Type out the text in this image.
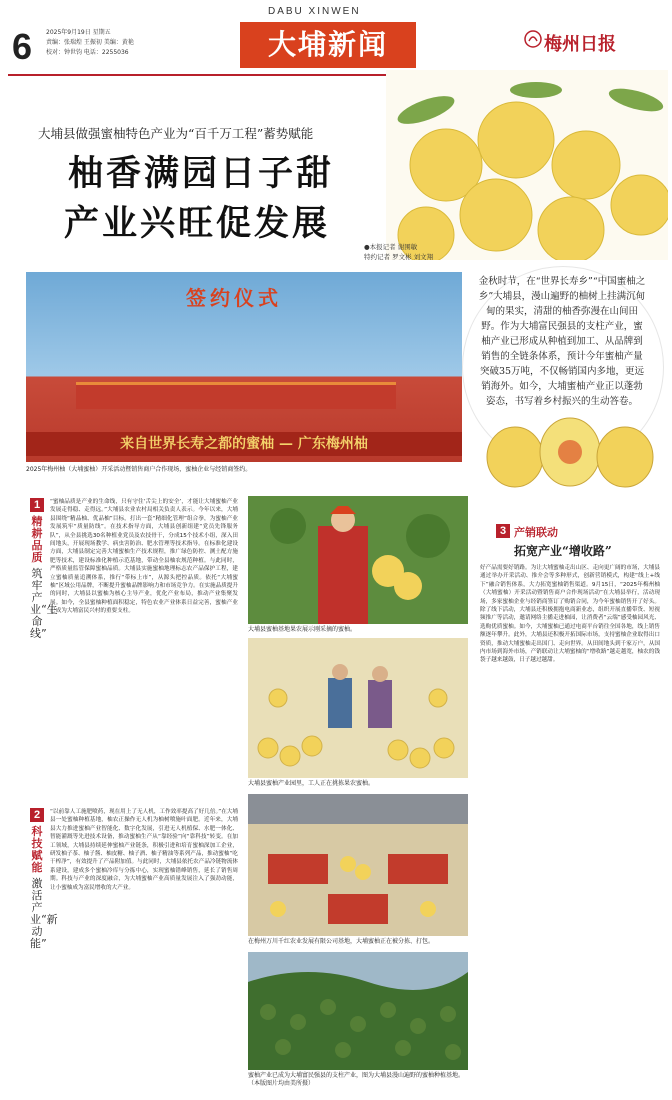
6 2025年9月19日 星期五
责编：张瑞煌 王振初 美编：黄艳
校对：钟世钧 电话：2255036
DABU XINWEN
大埔新闻	梅州日报
大埔县做强蜜柚特色产业为“百千万工程”蓄势赋能
柚香满园日子甜
产业兴旺促发展
●本报记者 谢围敏
特约记者 罗文彬 刘文翔
签约仪式
来自世界长寿之都的蜜柚 — 广东梅州柚
2025年梅州柚（大埔蜜柚）开采活动暨销售商户合作现场，蜜柚企业与经销商签约。
金秋时节，在“世界长寿乡”“中国蜜柚之乡”大埔县，漫山遍野的柚树上挂满沉甸甸的果实，清甜的柚香弥漫在山间田野。作为大埔富民强县的支柱产业，蜜柚产业已形成从种植到加工、从品牌到销售的全链条体系，预计今年蜜柚产量突破35万吨，不仅畅销国内多地，更远销海外。如今，大埔蜜柚产业正以蓬勃姿态，书写着乡村振兴的生动答卷。
1
精耕品质
筑牢产业“生命线”
“蜜柚品质是产业的生命线，只有守住‘舌尖上的安全’，才能让大埔蜜柚产业发展走得稳、走得远。”大埔县农业农村局相关负责人表示。今年以来，大埔县围绕“精品柚、优品柚”目标，打出一套“精细化管理”组合拳，为蜜柚产业发展筑牢“质量防线”。在技术指导方面，大埔县创新组建“党员先锋服务队”，从全县挑选30名种植业党员及农技骨干，分成15个技术小组，深入田间地头，开展现场教学、病虫害防治、肥水管理等技术指导。在标准化建设方面，大埔县制定完善大埔蜜柚生产技术规程，推广绿色防控、测土配方施肥等技术，建设标准化种植示范基地，带动全县柚农规范种植。与此同时，严格质量监管保障蜜柚品质。大埔县实施蜜柚地理标志农产品保护工程，建立蜜柚质量追溯体系，推行“带标上市”，从源头把控品质。依托“大埔蜜柚”区域公用品牌，不断提升蜜柚品牌影响力和市场竞争力。在实施品质提升的同时，大埔县以蜜柚为核心主导产业，优化产业布局，推动产业集聚发展。如今，全县蜜柚种植面积稳定，特色农业产业体系日益完善，蜜柚产业已成为大埔富民兴村的重要支柱。
2
科技赋能
激活产业“新动能”
“以前靠人工施肥喷药，现在用上了无人机，工作效率提高了好几倍。”在大埔县一处蜜柚种植基地，柚农正操作无人机为柚树喷施叶面肥。近年来，大埔县大力推进蜜柚产业智能化、数字化发展，引进无人机植保、水肥一体化、智能灌溉等先进技术设备，推动蜜柚生产从“靠经验”向“靠科技”转变。在加工领域，大埔县持续延伸蜜柚产业链条，积极引进和培育蜜柚深加工企业，研发柚子茶、柚子酱、柚皮糖、柚子酒、柚子精油等系列产品，推动蜜柚“吃干榨净”，有效提升了产品附加值。与此同时，大埔县依托农产品冷链物流体系建设，建成多个蜜柚冷库与分拣中心，实现蜜柚错峰销售，延长了销售周期。科技与产业的深度融合，为大埔蜜柚产业高质量发展注入了强劲动能，让小蜜柚成为富民增收的大产业。
大埔县蜜柚基地果农展示刚采摘的蜜柚。
大埔县蜜柚产业园里，工人正在挑拣果农蜜柚。
在梅州万川千红农业发展有限公司基地，大埔蜜柚正在被分拣、打包。
蜜柚产业已成为大埔富民强县的支柱产业，图为大埔县漫山遍野的蜜柚种植基地。（本版图片均由美所摄）
3 产销联动
拓宽产业“增收路”
好产品需要好销路。为让大埔蜜柚走出山区、走向更广阔的市场，大埔县通过举办开采活动、推介会等多种形式，创新营销模式，构建“线上+线下”融合销售体系，大力拓宽蜜柚销售渠道。9月15日，“2025年梅州柚（大埔蜜柚）开采活动暨销售商户合作现场活动”在大埔县举行，活动现场，多家蜜柚企业与经销商签订了购销合同，为今年蜜柚销售开了好头。除了线下活动，大埔县还积极拥抱电商新业态，组织开展直播带货、短视频推广等活动，邀请网络主播走进柚园，让消费者“云端”感受柚园风光、选购优质蜜柚。如今，大埔蜜柚已通过电商平台销往全国各地，线上销售额逐年攀升。此外，大埔县还积极开拓国际市场，支持蜜柚企业取得出口资质，推动大埔蜜柚走出国门、走向世界。从田间地头到千家万户，从国内市场到海外市场，产销联动让大埔蜜柚的“增收路”越走越宽，柚农的钱袋子越来越鼓，日子越过越甜。
